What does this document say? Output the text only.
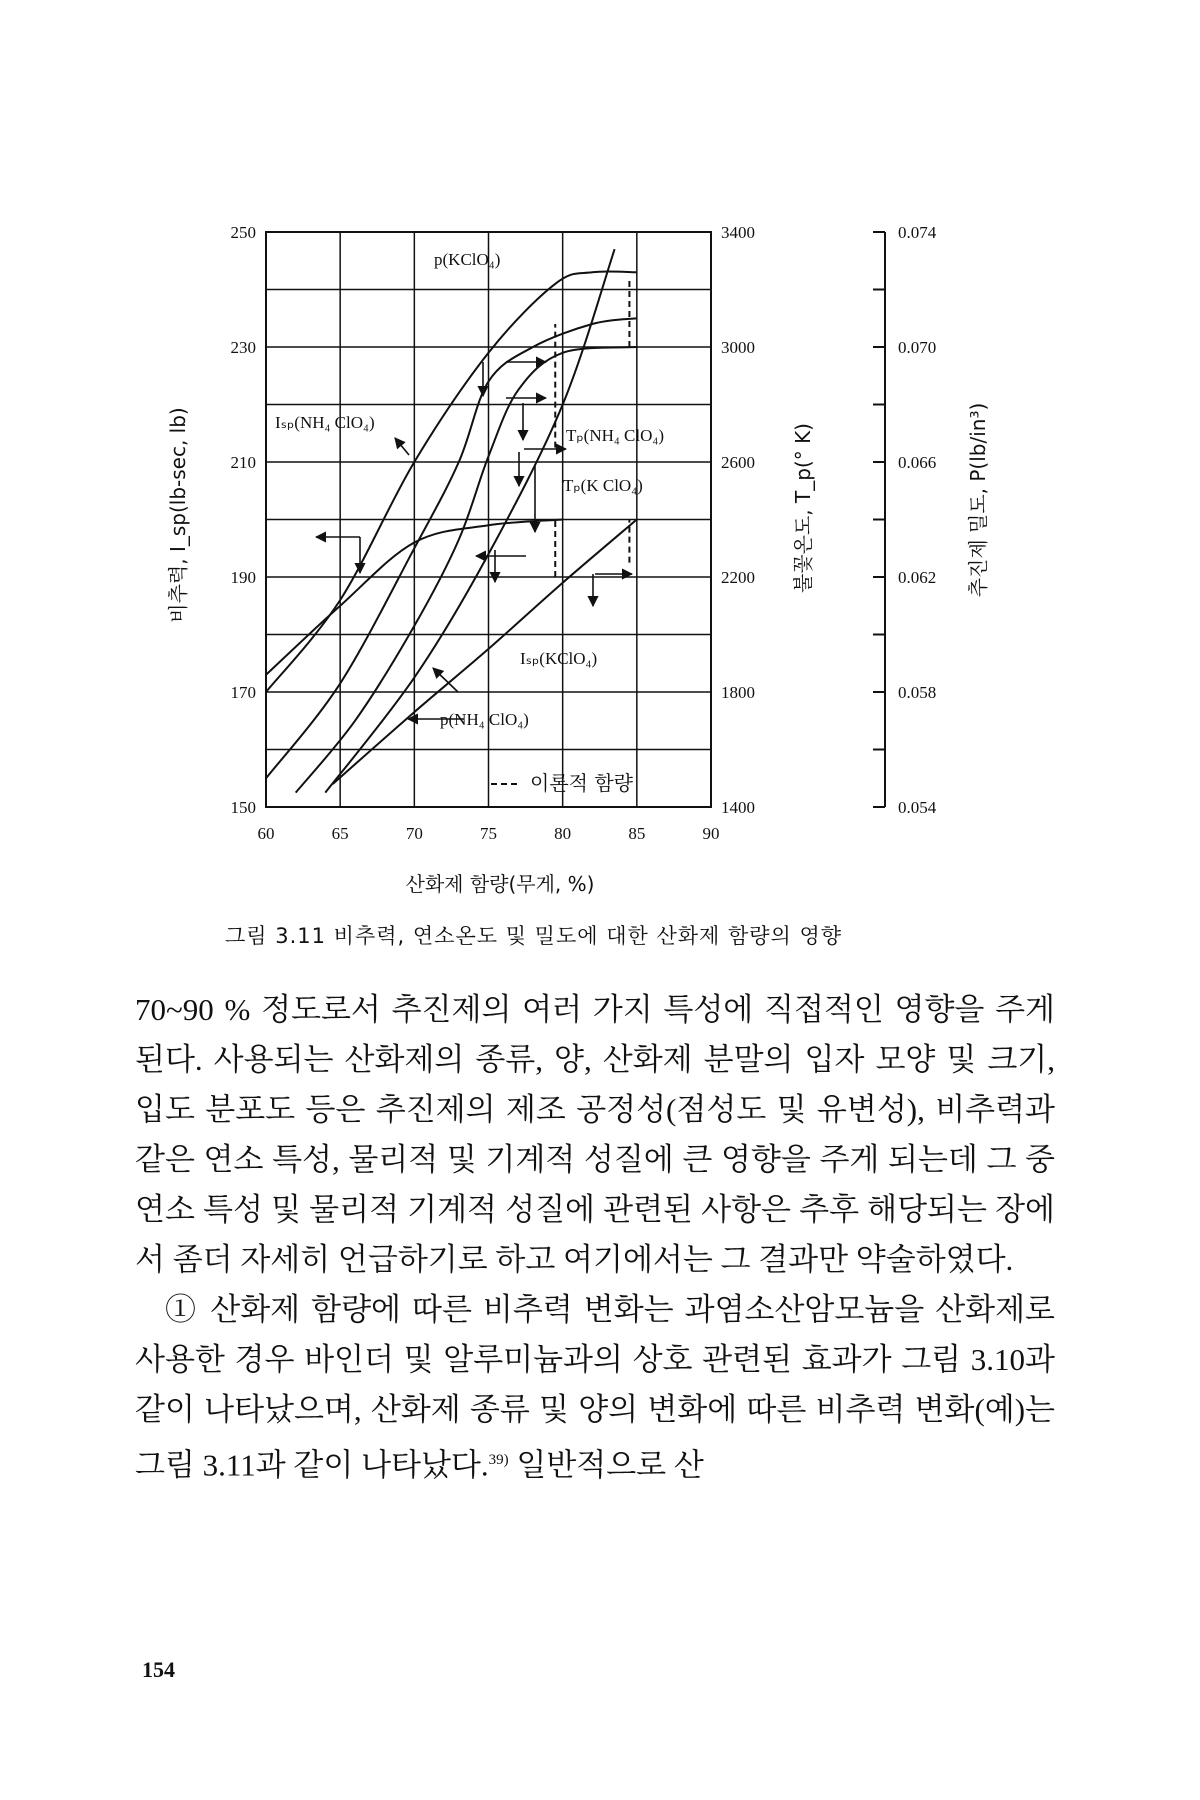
60	65	70	75	80	85	90
150
170
190
210
230
250
1400
1800
2200
2600
3000
3400
0.054
0.058
0.062
0.066
0.070
0.074
p(KClO₄)
Iₛₚ(NH₄ ClO₄)
Tₚ(NH₄ ClO₄)
Tₚ(K ClO₄)
Iₛₚ(KClO₄)
p(NH₄ ClO₄)
이론적 함량
비추력, I_sp(lb-sec, lb)	불꽃온도, T_p(° K)	추진제 밀도, P(lb/in³)
산화제 함량(무게, %)
그림 3.11 비추력, 연소온도 및 밀도에 대한 산화제 함량의 영향

70~90 % 정도로서 추진제의 여러 가지 특성에 직접적인 영향을 주게 된다. 사용되는 산화제의 종류, 양, 산화제 분말의 입자 모양 및 크기, 입도 분포도 등은 추진제의 제조 공정성(점성도 및 유변성), 비추력과 같은 연소 특성, 물리적 및 기계적 성질에 큰 영향을 주게 되는데 그 중 연소 특성 및 물리적 기계적 성질에 관련된 사항은 추후 해당되는 장에서 좀더 자세히 언급하기로 하고 여기에서는 그 결과만 약술하였다.

① 산화제 함량에 따른 비추력 변화는 과염소산암모늄을 산화제로 사용한 경우 바인더 및 알루미늄과의 상호 관련된 효과가 그림 3.10과 같이 나타났으며, 산화제 종류 및 양의 변화에 따른 비추력 변화(예)는 그림 3.11과 같이 나타났다.$^{39)}$ 일반적으로 산

154
